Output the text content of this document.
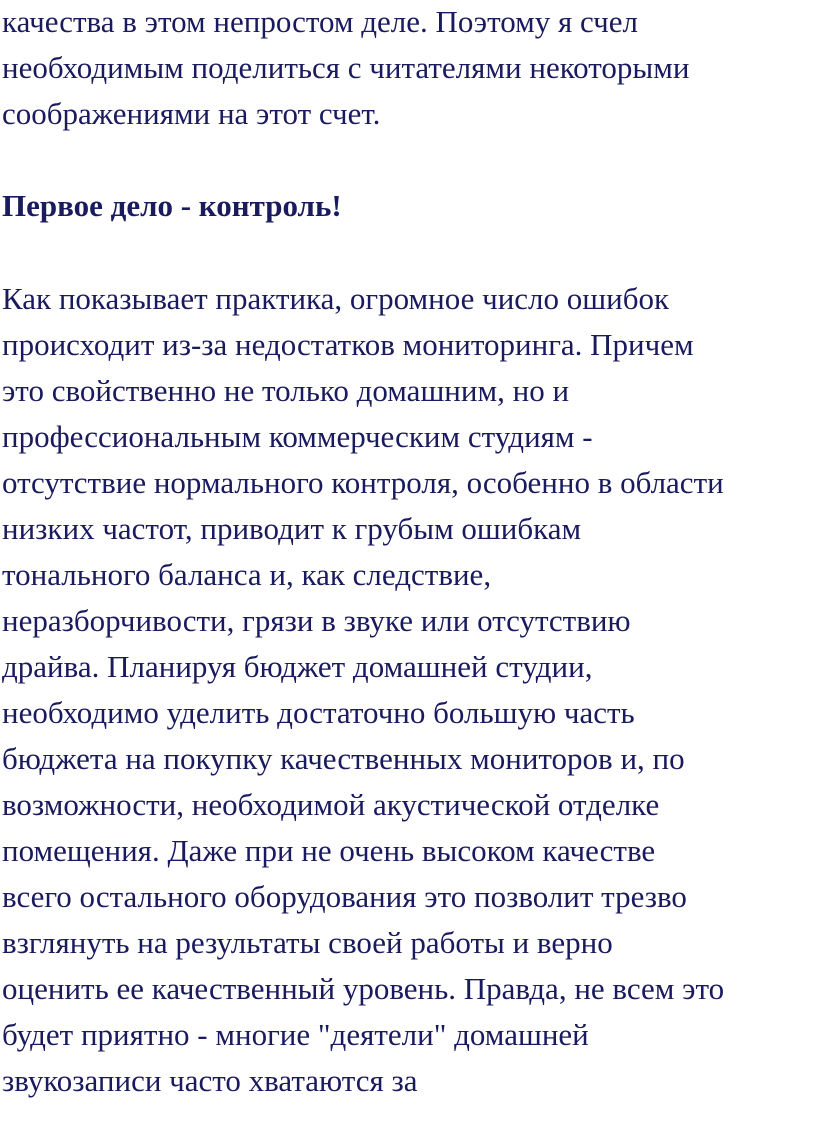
качества в этом непростом деле. Поэтому я счел
необходимым поделиться с читателями некоторыми
соображениями на этот счет.
Первое дело - контроль!
Как показывает практика, огромное число ошибок
происходит из-за недостатков мониторинга. Причем
это свойственно не только домашним, но и
профессиональным коммерческим студиям -
отсутствие нормального контроля, особенно в области
низких частот, приводит к грубым ошибкам
тонального баланса и, как следствие,
неразборчивости, грязи в звуке или отсутствию
драйва. Планируя бюджет домашней студии,
необходимо уделить достаточно большую часть
бюджета на покупку качественных мониторов и, по
возможности, необходимой акустической отделке
помещения. Даже при не очень высоком качестве
всего остального оборудования это позволит трезво
взглянуть на результаты своей работы и верно
оценить ее качественный уровень. Правда, не всем это
будет приятно - многие "деятели" домашней
звукозаписи часто хватаются за
